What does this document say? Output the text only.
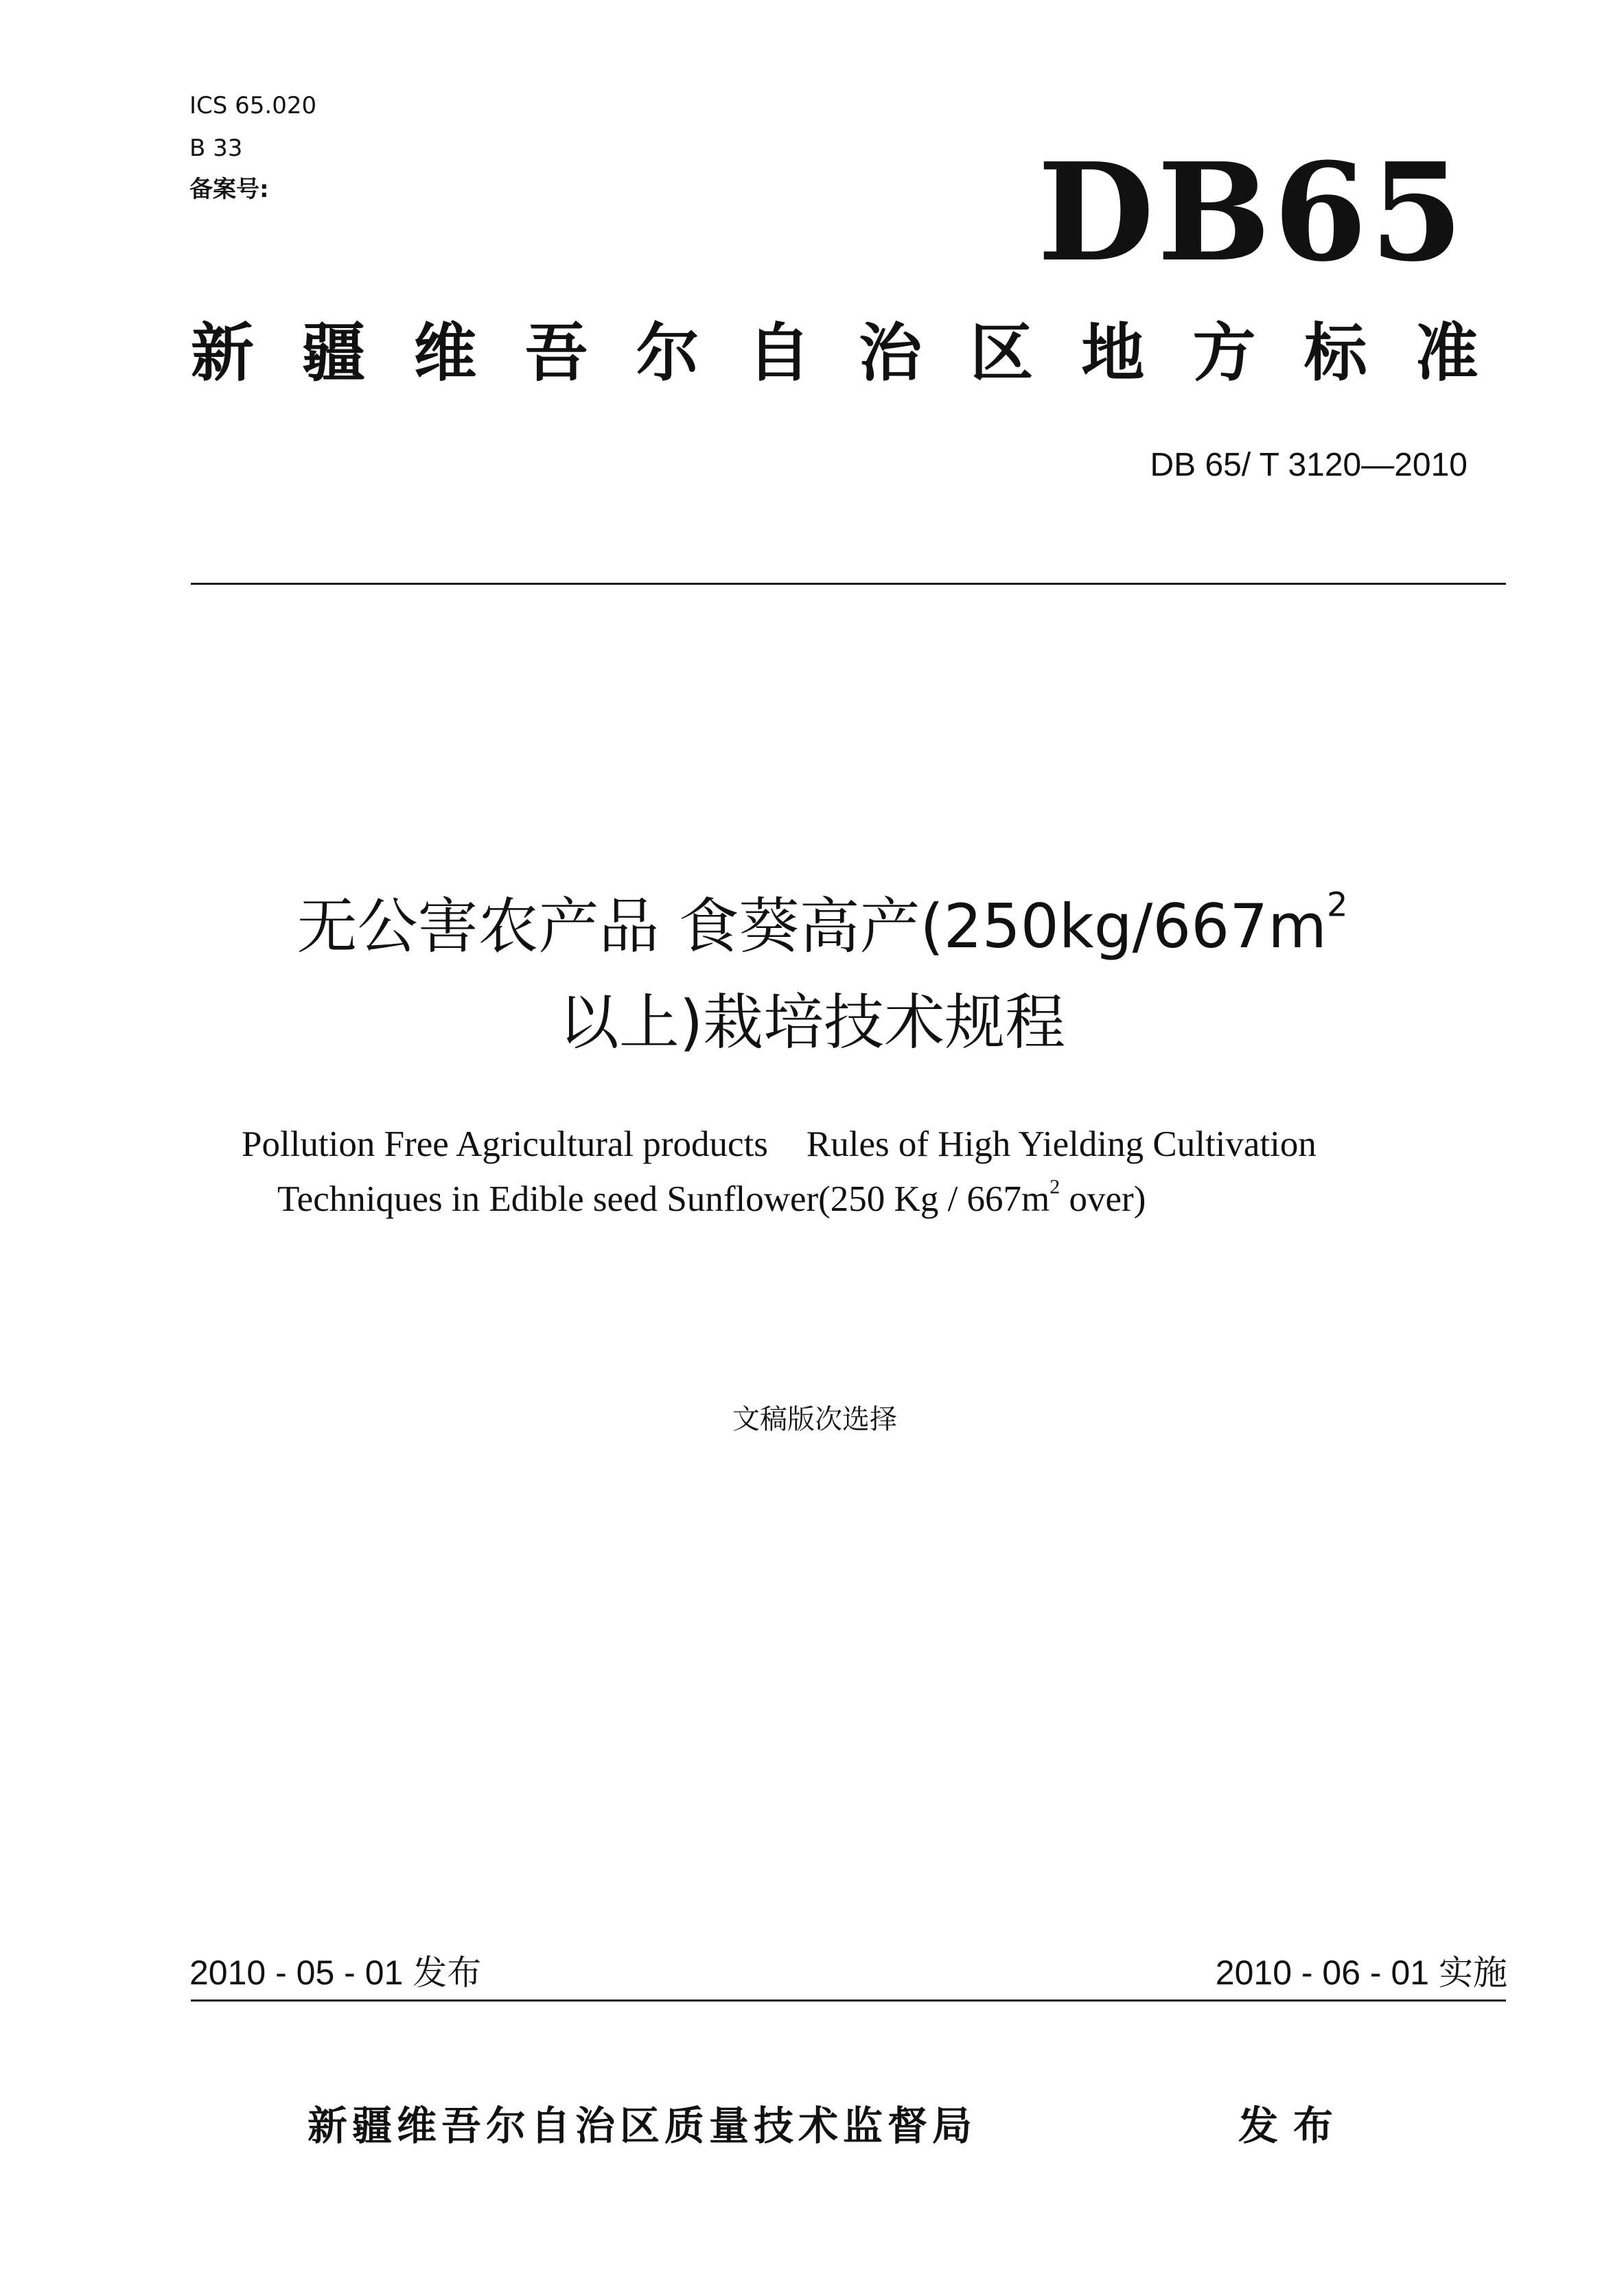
ICS 65.020
B 33
备案号:	DB65
新 疆 维 吾 尔 自 治 区 地 方 标 准
DB 65/ T 3120—2010
无公害农产品 食葵高产($250kg/667m^2$
以上)栽培技术规程
Pollution Free Agricultural products Rules of High Yielding Cultivation
Techniques in Edible seed Sunflower(250 Kg / $667m^2$ over)
文稿版次选择
2010 - 05 - 01 发布	2010 - 06 - 01 实施
新疆维吾尔自治区质量技术监督局	发布
